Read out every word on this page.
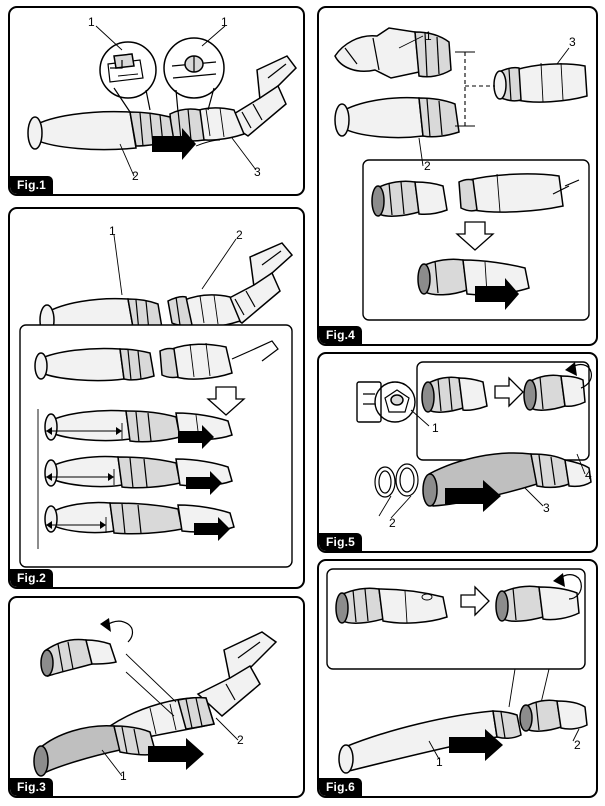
1	1
2	3
Fig.1
1	2
Fig.2
1
2
Fig.3
1
2
3
Fig.4
1
2
3
4
Fig.5
1
2
Fig.6
